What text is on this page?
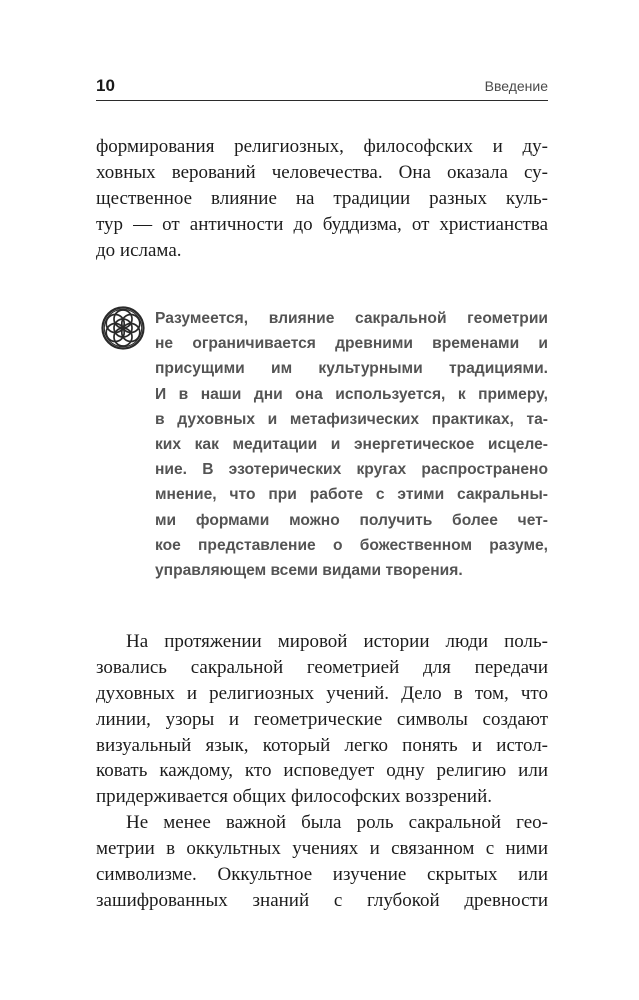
10	Введение
формирования религиозных, философских и ду-
ховных верований человечества. Она оказала су-
щественное влияние на традиции разных куль-
тур — от античности до буддизма, от христианства
до ислама.
Разумеется, влияние сакральной геометрии
не ограничивается древними временами и
присущими им культурными традициями.
И в наши дни она используется, к примеру,
в духовных и метафизических практиках, та-
ких как медитации и энергетическое исцеле-
ние. В эзотерических кругах распространено
мнение, что при работе с этими сакральны-
ми формами можно получить более чет-
кое представление о божественном разуме,
управляющем всеми видами творения.
На протяжении мировой истории люди поль-
зовались сакральной геометрией для передачи
духовных и религиозных учений. Дело в том, что
линии, узоры и геометрические символы создают
визуальный язык, который легко понять и истол-
ковать каждому, кто исповедует одну религию или
придерживается общих философских воззрений.
Не менее важной была роль сакральной гео-
метрии в оккультных учениях и связанном с ними
символизме. Оккультное изучение скрытых или
зашифрованных знаний с глубокой древности
